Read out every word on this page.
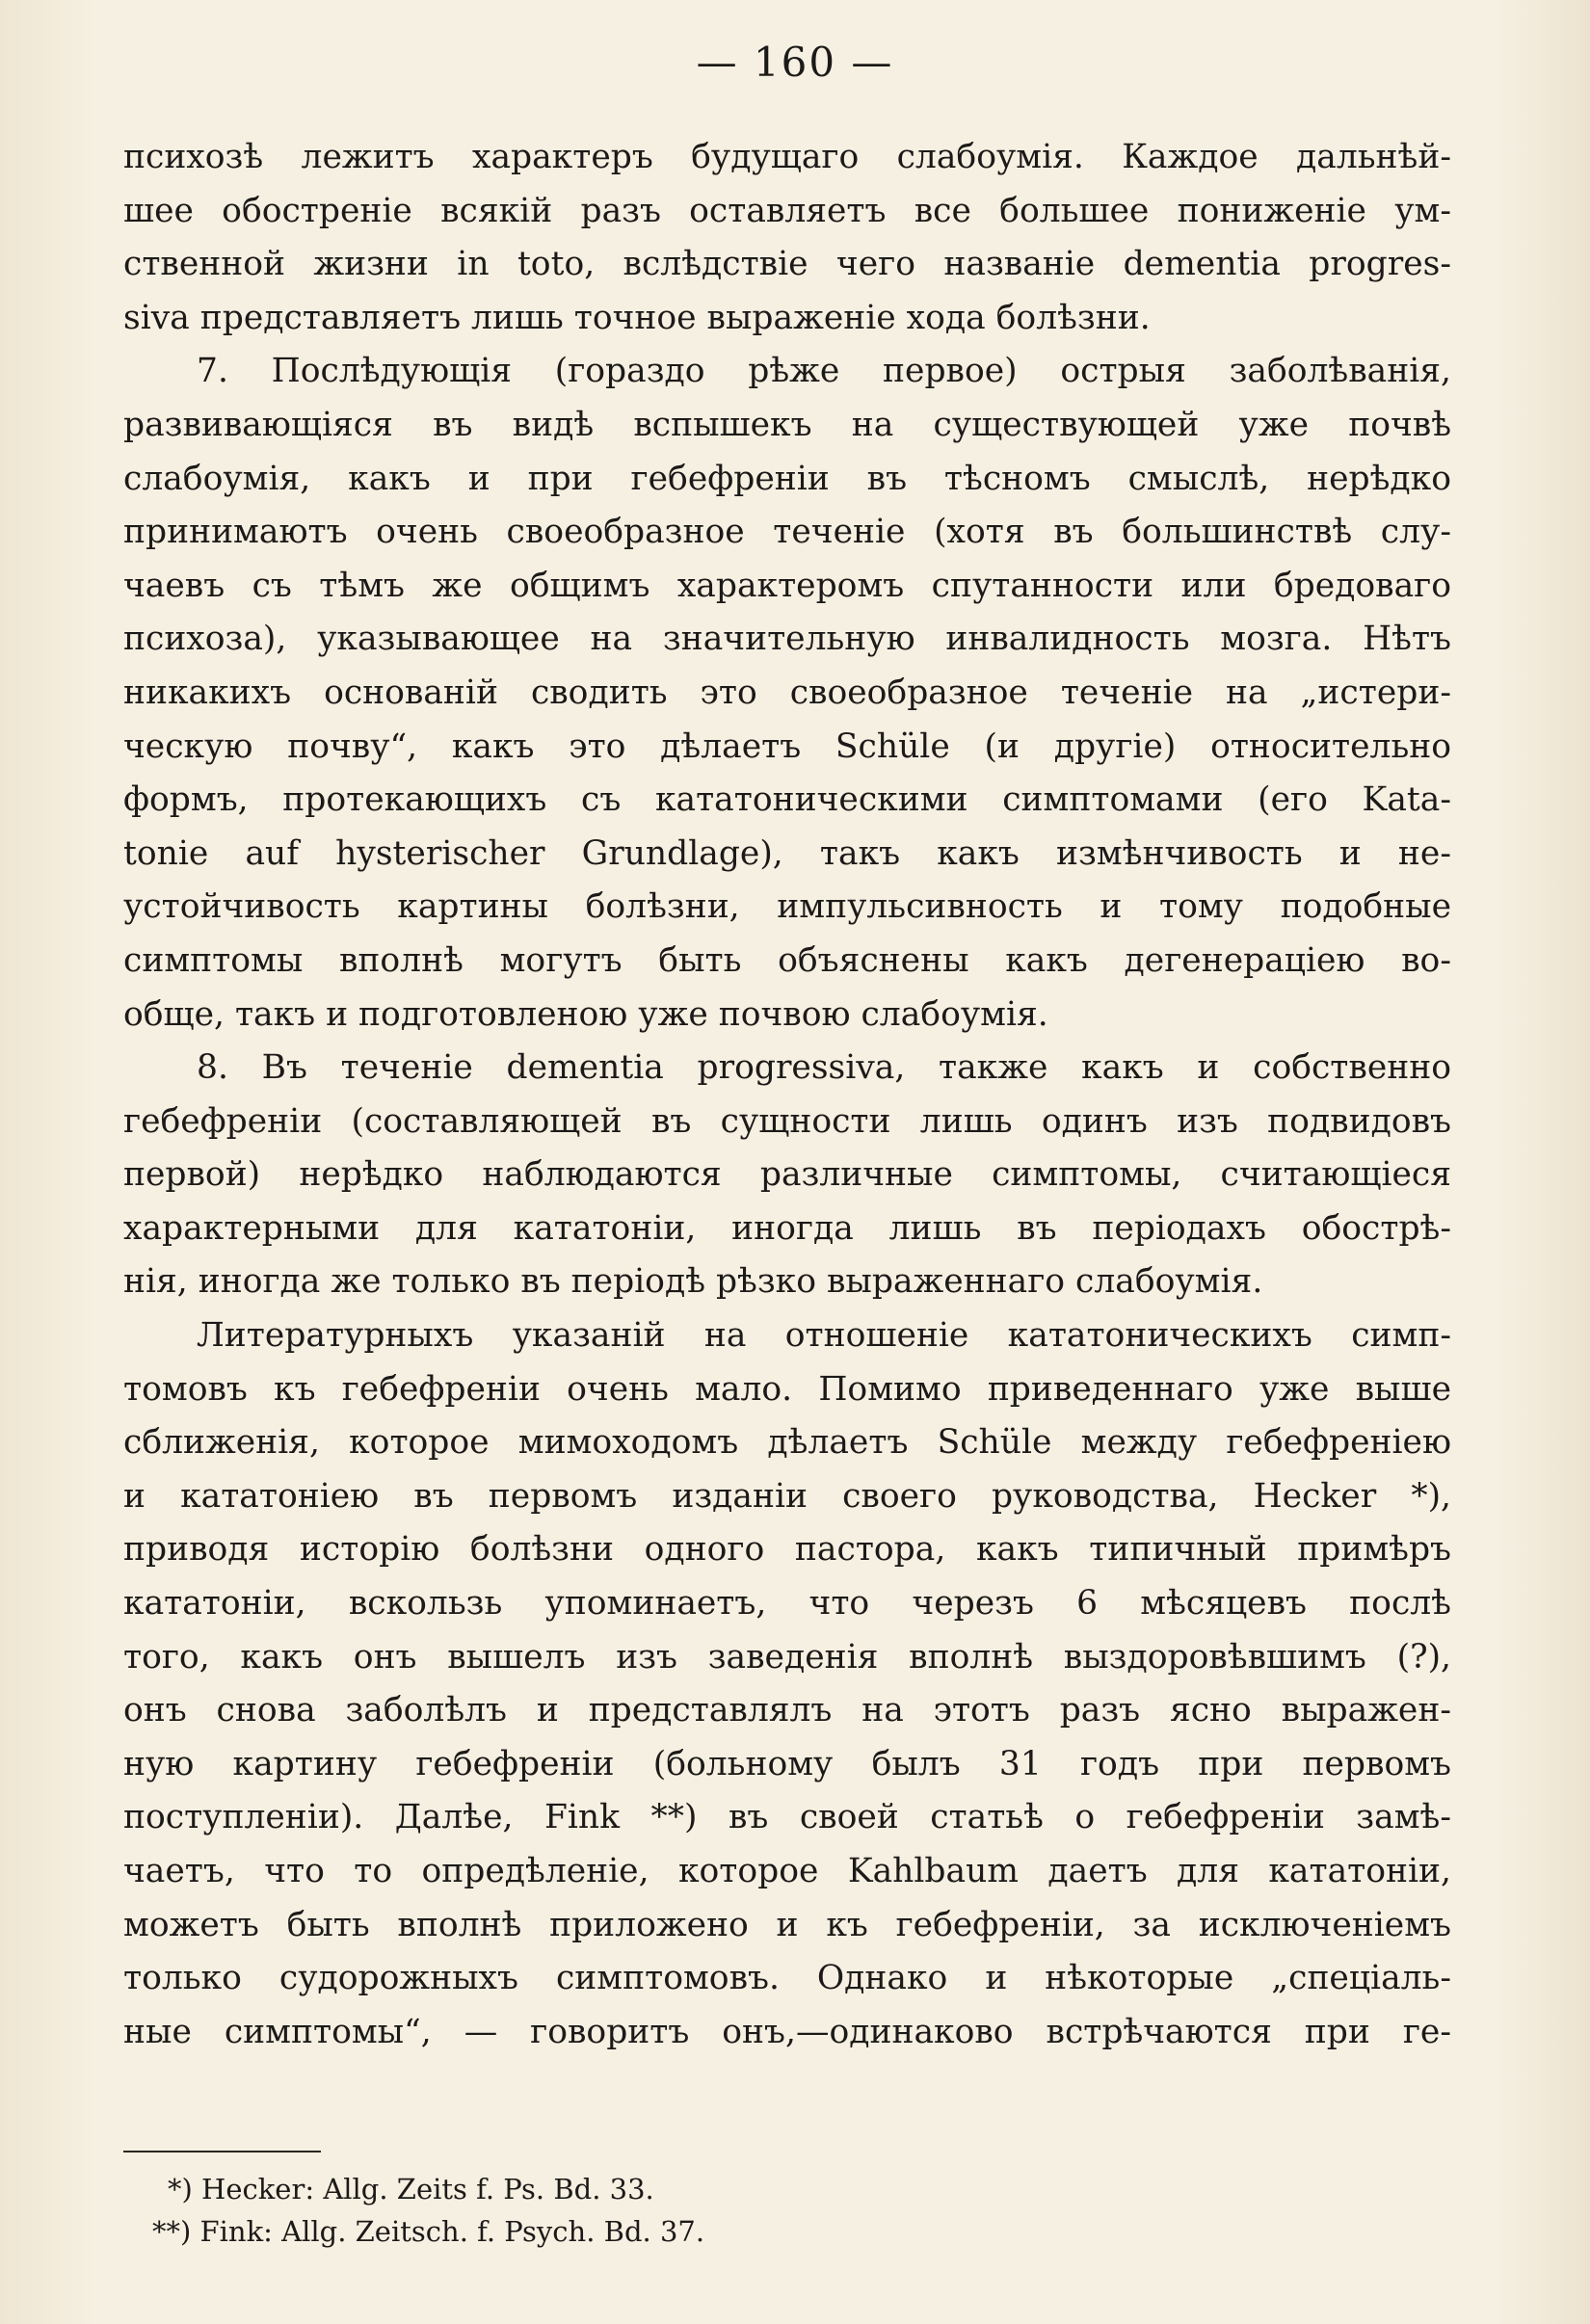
— 160 —
психозѣ лежитъ характеръ будущаго слабоумія. Каждое дальнѣй-
шее обостреніе всякій разъ оставляетъ все большее пониженіе ум-
ственной жизни in toto, вслѣдствіе чего названіе dementia progres-
siva представляетъ лишь точное выраженіе хода болѣзни.
7. Послѣдующія (гораздо рѣже первое) острыя заболѣванія,
развивающіяся въ видѣ вспышекъ на существующей уже почвѣ
слабоумія, какъ и при гебефреніи въ тѣсномъ смыслѣ, нерѣдко
принимаютъ очень своеобразное теченіе (хотя въ большинствѣ слу-
чаевъ съ тѣмъ же общимъ характеромъ спутанности или бредоваго
психоза), указывающее на значительную инвалидность мозга. Нѣтъ
никакихъ основаній сводить это своеобразное теченіе на „истери-
ческую почву“, какъ это дѣлаетъ Schüle (и другіе) относительно
формъ, протекающихъ съ кататоническими симптомами (его Kata-
tonie auf hysterischer Grundlage), такъ какъ измѣнчивость и не-
устойчивость картины болѣзни, импульсивность и тому подобные
симптомы вполнѣ могутъ быть объяснены какъ дегенераціею во-
обще, такъ и подготовленою уже почвою слабоумія.
8. Въ теченіе dementia progressiva, также какъ и собственно
гебефреніи (составляющей въ сущности лишь одинъ изъ подвидовъ
первой) нерѣдко наблюдаются различные симптомы, считающіеся
характерными для кататоніи, иногда лишь въ періодахъ обострѣ-
нія, иногда же только въ періодѣ рѣзко выраженнаго слабоумія.
Литературныхъ указаній на отношеніе кататоническихъ симп-
томовъ къ гебефреніи очень мало. Помимо приведеннаго уже выше
сближенія, которое мимоходомъ дѣлаетъ Schüle между гебефреніею
и кататоніею въ первомъ изданіи своего руководства, Hecker *),
приводя исторію болѣзни одного пастора, какъ типичный примѣръ
кататоніи, вскользь упоминаетъ, что черезъ 6 мѣсяцевъ послѣ
того, какъ онъ вышелъ изъ заведенія вполнѣ выздоровѣвшимъ (?),
онъ снова заболѣлъ и представлялъ на этотъ разъ ясно выражен-
ную картину гебефреніи (больному былъ 31 годъ при первомъ
поступленіи). Далѣе, Fink **) въ своей статьѣ о гебефреніи замѣ-
чаетъ, что то опредѣленіе, которое Kahlbaum даетъ для кататоніи,
можетъ быть вполнѣ приложено и къ гебефреніи, за исключеніемъ
только судорожныхъ симптомовъ. Однако и нѣкоторые „спеціаль-
ные симптомы“, — говоритъ онъ,—одинаково встрѣчаются при ге-
*) Hecker: Allg. Zeits f. Ps. Bd. 33.
**) Fink: Allg. Zeitsch. f. Psych. Bd. 37.
